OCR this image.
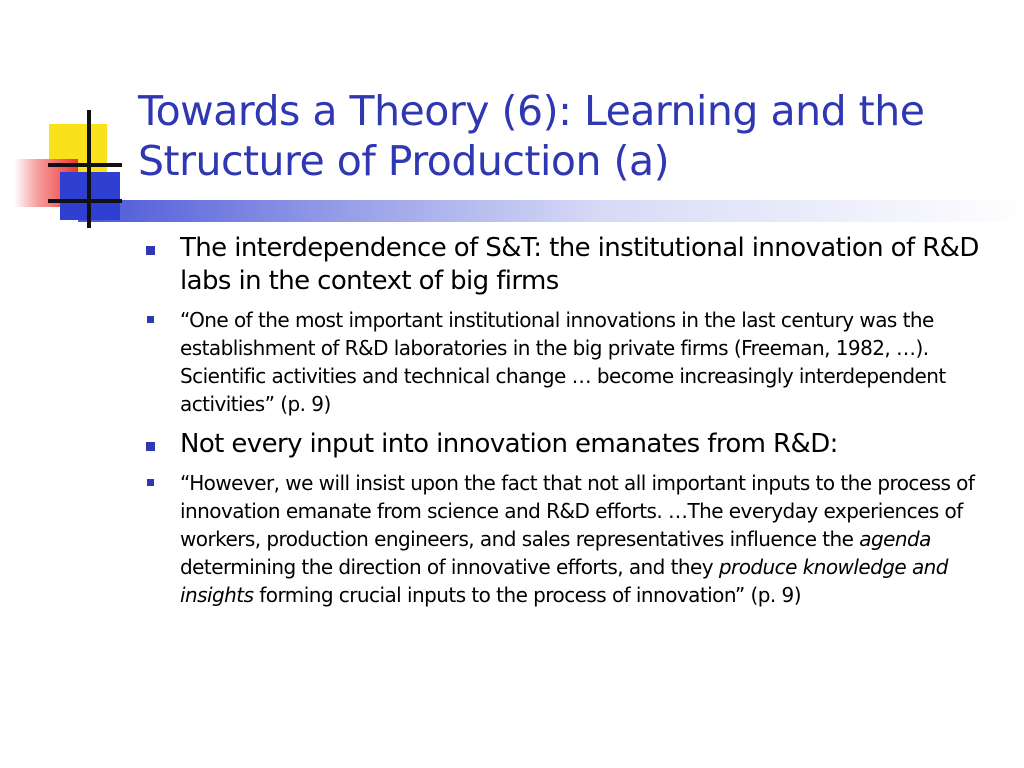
Towards a Theory (6): Learning and the
Structure of Production (a)
The interdependence of S&T: the institutional innovation of R&D labs in the context of big firms
“One of the most important institutional innovations in the last century was the establishment of R&D laboratories in the big private firms (Freeman, 1982, …). Scientific activities and technical change … become increasingly interdependent activities” (p. 9)
Not every input into innovation emanates from R&D:
“However, we will insist upon the fact that not all important inputs to the process of innovation emanate from science and R&D efforts. …The everyday experiences of workers, production engineers, and sales representatives influence the agenda determining the direction of innovative efforts, and they produce knowledge and insights forming crucial inputs to the process of innovation” (p. 9)
